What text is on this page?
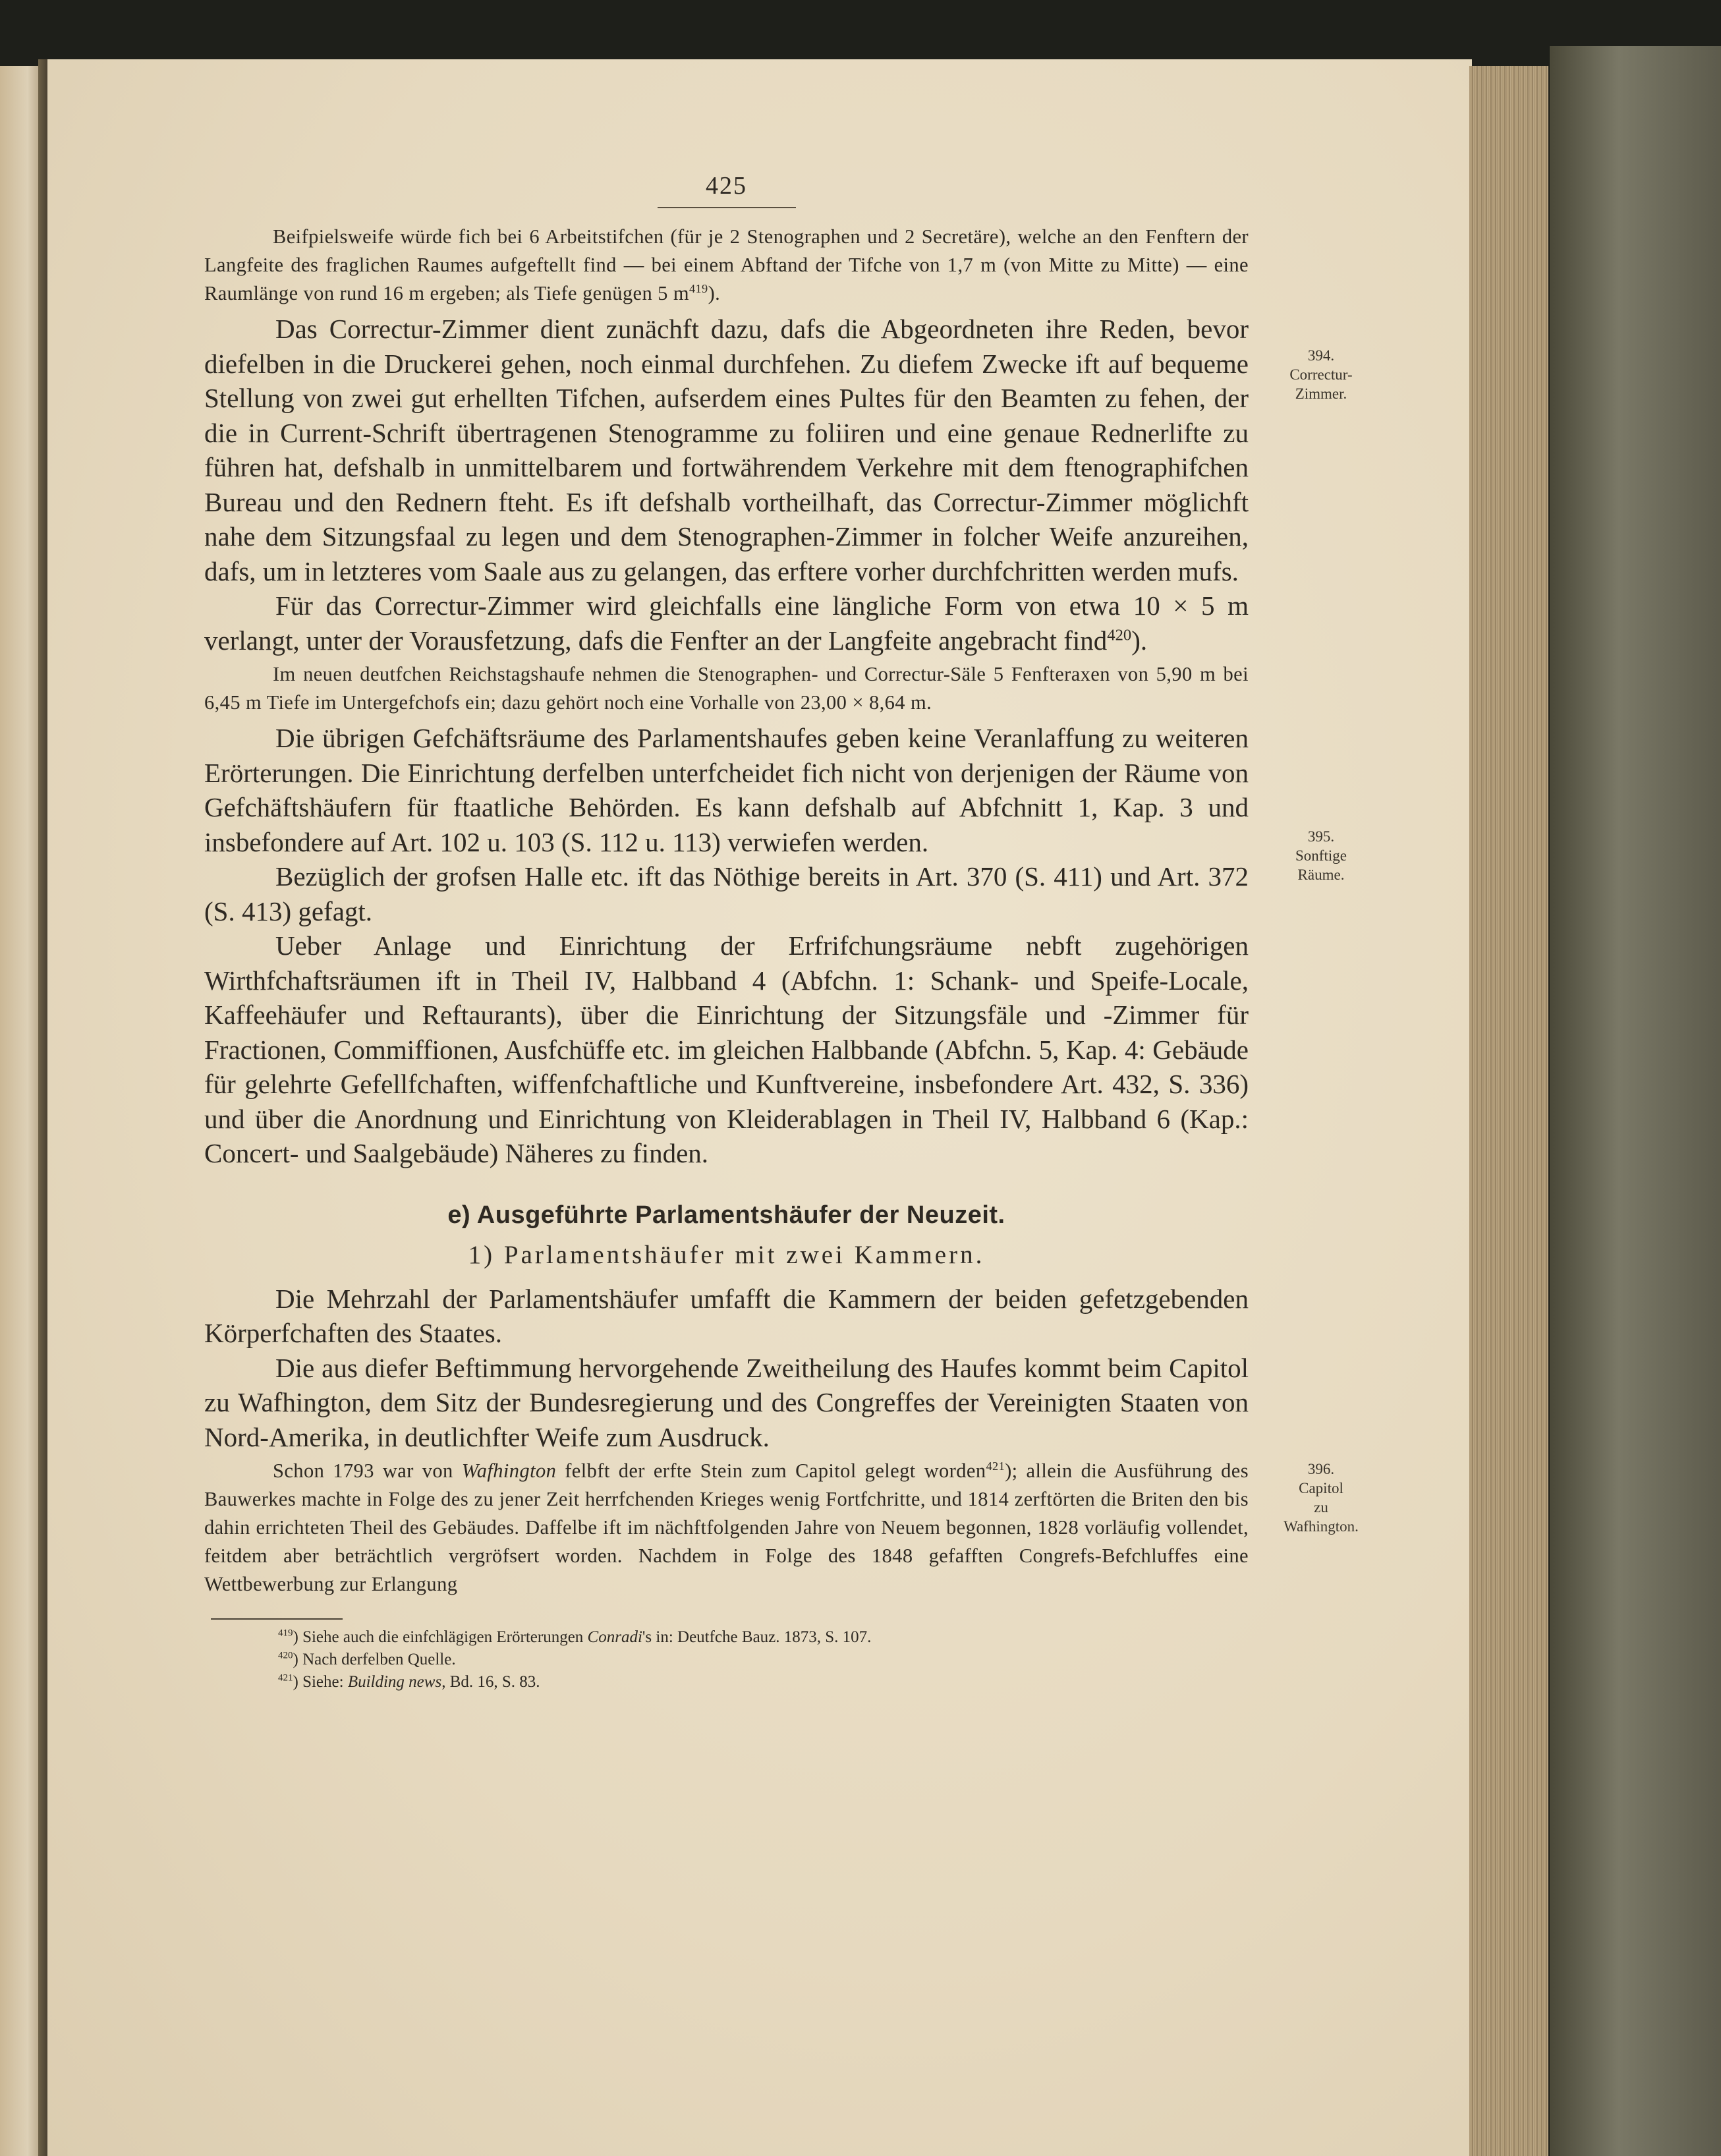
425

Beifpielsweife würde fich bei 6 Arbeitstifchen (für je 2 Stenographen und 2 Secretäre), welche an den Fenftern der Langfeite des fraglichen Raumes aufgeftellt find — bei einem Abftand der Tifche von 1,7 m (von Mitte zu Mitte) — eine Raumlänge von rund 16 m ergeben; als Tiefe genügen 5 $m^{419}$).

Das Correctur-Zimmer dient zunächft dazu, dafs die Abgeordneten ihre Reden, bevor diefelben in die Druckerei gehen, noch einmal durchfehen. Zu diefem Zwecke ift auf bequeme Stellung von zwei gut erhellten Tifchen, aufserdem eines Pultes für den Beamten zu fehen, der die in Current-Schrift übertragenen Stenogramme zu foliiren und eine genaue Rednerlifte zu führen hat, defshalb in unmittelbarem und fortwährendem Verkehre mit dem ftenographifchen Bureau und den Rednern fteht. Es ift defshalb vortheilhaft, das Correctur-Zimmer möglichft nahe dem Sitzungsfaal zu legen und dem Stenographen-Zimmer in folcher Weife anzureihen, dafs, um in letzteres vom Saale aus zu gelangen, das erftere vorher durchfchritten werden mufs.

Für das Correctur-Zimmer wird gleichfalls eine längliche Form von etwa 10 × 5 m verlangt, unter der Vorausfetzung, dafs die Fenfter an der Langfeite angebracht find$^{420}$).

Im neuen deutfchen Reichstagshaufe nehmen die Stenographen- und Correctur-Säle 5 Fenfteraxen von 5,90 m bei 6,45 m Tiefe im Untergefchofs ein; dazu gehört noch eine Vorhalle von 23,00 × 8,64 m.

Die übrigen Gefchäftsräume des Parlamentshaufes geben keine Veranlaffung zu weiteren Erörterungen. Die Einrichtung derfelben unterfcheidet fich nicht von derjenigen der Räume von Gefchäftshäufern für ftaatliche Behörden. Es kann defshalb auf Abfchnitt 1, Kap. 3 und insbefondere auf Art. 102 u. 103 (S. 112 u. 113) verwiefen werden.

Bezüglich der grofsen Halle etc. ift das Nöthige bereits in Art. 370 (S. 411) und Art. 372 (S. 413) gefagt.

Ueber Anlage und Einrichtung der Erfrifchungsräume nebft zugehörigen Wirthfchaftsräumen ift in Theil IV, Halbband 4 (Abfchn. 1: Schank- und Speife-Locale, Kaffeehäufer und Reftaurants), über die Einrichtung der Sitzungsfäle und -Zimmer für Fractionen, Commiffionen, Ausfchüffe etc. im gleichen Halbbande (Abfchn. 5, Kap. 4: Gebäude für gelehrte Gefellfchaften, wiffenfchaftliche und Kunftvereine, insbefondere Art. 432, S. 336) und über die Anordnung und Einrichtung von Kleiderablagen in Theil IV, Halbband 6 (Kap.: Concert- und Saalgebäude) Näheres zu finden.

e) Ausgeführte Parlamentshäufer der Neuzeit.
1) Parlamentshäufer mit zwei Kammern.

Die Mehrzahl der Parlamentshäufer umfafft die Kammern der beiden gefetzgebenden Körperfchaften des Staates.

Die aus diefer Beftimmung hervorgehende Zweitheilung des Haufes kommt beim Capitol zu Wafhington, dem Sitz der Bundesregierung und des Congreffes der Vereinigten Staaten von Nord-Amerika, in deutlichfter Weife zum Ausdruck.

Schon 1793 war von Wafhington felbft der erfte Stein zum Capitol gelegt worden$^{421}$); allein die Ausführung des Bauwerkes machte in Folge des zu jener Zeit herrfchenden Krieges wenig Fortfchritte, und 1814 zerftörten die Briten den bis dahin errichteten Theil des Gebäudes. Daffelbe ift im nächftfolgenden Jahre von Neuem begonnen, 1828 vorläufig vollendet, feitdem aber beträchtlich vergröfsert worden. Nachdem in Folge des 1848 gefafften Congrefs-Befchluffes eine Wettbewerbung zur Erlangung

$^{419}$) Siehe auch die einfchlägigen Erörterungen Conradi's in: Deutfche Bauz. 1873, S. 107.

$^{420}$) Nach derfelben Quelle.

$^{421}$) Siehe: Building news, Bd. 16, S. 83.

394.
Correctur-
Zimmer.
395.
Sonftige
Räume.
396.
Capitol
zu
Wafhington.
